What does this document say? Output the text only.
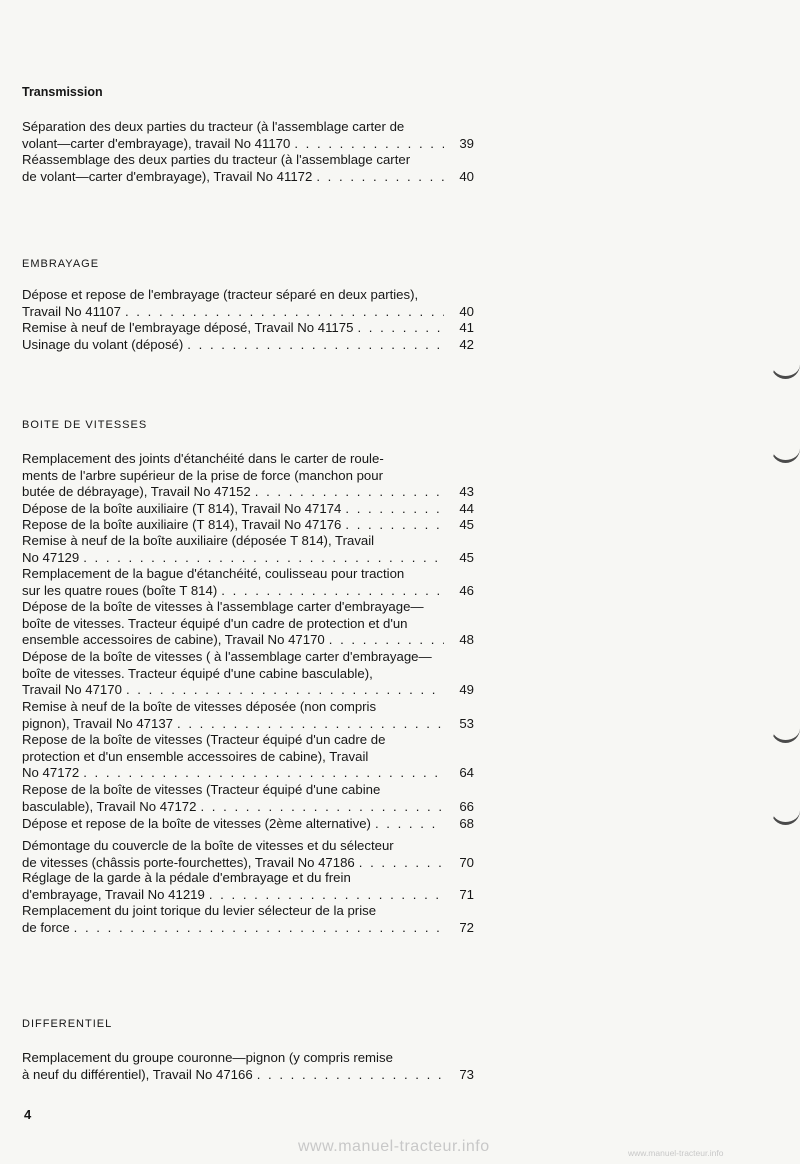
Transmission
Séparation des deux parties du tracteur (à l'assemblage carter de
volant—carter d'embrayage), travail No 41170 . . .	39
Réassemblage des deux parties du tracteur (à l'assemblage carter
de volant—carter d'embrayage), Travail No 41172 . . .	40
EMBRAYAGE
Dépose et repose de l'embrayage (tracteur séparé en deux parties),
Travail No 41107 . . .	40
Remise à neuf de l'embrayage déposé, Travail No 41175 . . .	41
Usinage du volant (déposé) . . .	42
BOITE DE VITESSES
Remplacement des joints d'étanchéité dans le carter de roule-
ments de l'arbre supérieur de la prise de force (manchon pour
butée de débrayage), Travail No 47152 . . .	43
Dépose de la boîte auxiliaire (T 814), Travail No 47174 . . .	44
Repose de la boîte auxiliaire (T 814), Travail No 47176 . . .	45
Remise à neuf de la boîte auxiliaire (déposée T 814), Travail
No 47129 . . .	45
Remplacement de la bague d'étanchéité, coulisseau pour traction
sur les quatre roues (boîte T 814) . . .	46
Dépose de la boîte de vitesses à l'assemblage carter d'embrayage—
boîte de vitesses. Tracteur équipé d'un cadre de protection et d'un
ensemble accessoires de cabine), Travail No 47170 . . .	48
Dépose de la boîte de vitesses ( à l'assemblage carter d'embrayage—
boîte de vitesses. Tracteur équipé d'une cabine basculable),
Travail No 47170 . . .	49
Remise à neuf de la boîte de vitesses déposée (non compris
pignon), Travail No 47137 . . .	53
Repose de la boîte de vitesses (Tracteur équipé d'un cadre de
protection et d'un ensemble accessoires de cabine), Travail
No 47172 . . .	64
Repose de la boîte de vitesses (Tracteur équipé d'une cabine
basculable), Travail No 47172 . . .	66
Dépose et repose de la boîte de vitesses (2ème alternative) . . .	68
Démontage du couvercle de la boîte de vitesses et du sélecteur
de vitesses (châssis porte-fourchettes), Travail No 47186 . . .	70
Réglage de la garde à la pédale d'embrayage et du frein
d'embrayage, Travail No 41219 . . .	71
Remplacement du joint torique du levier sélecteur de la prise
de force . . .	72
DIFFERENTIEL
Remplacement du groupe couronne—pignon (y compris remise
à neuf du différentiel), Travail No 47166 . . .	73

4

www.manuel-tracteur.info	www.manuel-tracteur.info
